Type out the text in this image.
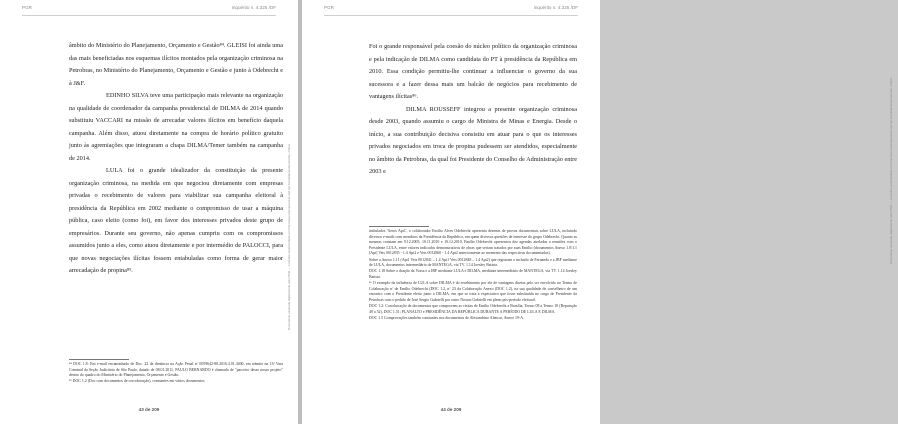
PGR	Inquérito n. 4.325 /DF

âmbito do Ministério do Planejamento, Orçamento e Gestão⁸⁴. GLEISI foi ainda uma das mais beneficiadas nos esquemas ilícitos montados pela organização criminosa na Petrobras, no Ministério do Planejamento, Orçamento e Gestão e junto à Odebrecht e à J&F.

EDINHO SILVA teve uma participação mais relevante na organização na qualidade de coordenador da campanha presidencial de DILMA de 2014 quando substituiu VACCARI na missão de arrecadar valores ilícitos em benefício daquela campanha. Além disso, atuou diretamente na compra de horário político gratuito junto às agremiações que integraram a chapa DILMA/Temer também na campanha de 2014.

LULA foi o grande idealizador da constituição da presente organização criminosa, na medida em que negociou diretamente com empresas privadas o recebimento de valores para viabilizar sua campanha eleitoral à presidência da República em 2002 mediante o compromisso de usar a máquina pública, caso eleito (como foi), em favor dos interesses privados deste grupo de empresários. Durante seu governo, não apenas cumpriu com os compromissos assumidos junto a eles, como atuou diretamente e por intermédio de PALOCCI, para que novas negociações ilícitas fossem entabuladas como forma de gerar maior arrecadação de propina⁸⁵.

⁸⁴ DOC 1.8: Em e-mail encaminhado de Doc. 22 da denúncia na Ação Penal nº 0059642-88.2016.4.01.3400, em trâmite na 13ª Vara Criminal da Seção Judiciária de São Paulo, datado de 08.01.2011, PAULO BERNARDO é chamado de "parceiro desse nosso projeto" dentro do quadro do Ministério do Planejamento, Orçamento e Gestão.

⁸⁵ DOC 1.2 (Doc com documentos de corroboração), constantes em vários documentos

43 de 209
Documento assinado digitalmente pelo PGR — consultar autenticidade em http://www.transparencia.mpf.mp.br/validacaodocumento. Chave
PGR	Inquérito n. 4.325 /DF

Foi o grande responsável pela coesão do núcleo político da organização criminosa e pela indicação de DILMA como candidata do PT à presidência da República em 2010. Essa condição permitiu-lhe continuar a influenciar o governo da sua sucessora e a fazer dessa mais um balcão de negócios para recebimento de vantagens ilícitas⁸⁶.

DILMA ROUSSEFF integrou a presente organização criminosa desde 2003, quando assumiu o cargo de Ministra de Minas e Energia. Desde o início, a sua contribuição decisiva consistiu em atuar para o que os interesses privados negociados em troca de propina pudessem ser atendidos, especialmente no âmbito da Petrobras, da qual foi Presidente do Conselho de Administração entre 2003 e

intitulados 'Aeros Apt1', o colaborador Emílio Alves Odebrecht apresenta dezenas de provas documentais sobre LULA, incluindo diversos e-mails com membros da Presidência da República, em quem diversos questões de interesse do grupo Odebrecht. Quanto as mesmas constam em 9.12.2005, 10.11.2010 e 10.12.2010, Emílio Odebrecht apresentou dez agendas atreladas a reuniões com o Presidente LULA, entre valores indicados demonstrativos de obras que seriam tratados por suas Emílio (documentos Anexo 1.0/1.1 [Apt] Vets 0012835 - 1.4 Apt2 e Vets 0012860 - 1.4 Apt2 anteriormente ao momento das respectivas documentadas).

Sobre a Anexo 1.11 (Apt1 Vets 0012841 – 1.4 Apt1 Vets 0012848 – 1.4 Apt2) que registram a inclusão de Fernando e a JBF mediante de LULA, documentos intermediário de MANTEGA, via TV. 1.14 Joesley Batista.

DOC 1.18 Sobre a doação da Vossa e a JBF mediante LULA e DILMA, mediante intermediário de MANTEGA, via TV. 1.14 Joesley Batista.

⁸⁶ O exemplo da influência de LULA sobre DILMA é do recebimento por ele de vantagens diretas pelo ser envolvido no Termo de Colaboração nº de Emílio Odebrecht (DOC 1.2, nº 23 da Colaboração Anexo (DOC 1.2), na sua qualidade de conselheiro de um encontro com o Presidente eleito junto a DILMA, em que se trata a expectativa que fosse substituída no cargo de Presidente da Petrobras com o pedido de José Sergio Gabrielli por outro Nossas Gabrielli em pleno pós-período eleitoral.

DOC 1.2: Corroboração de documentos que comprovam as visitas de Emílio Odebrecht a Brasília, Termo 08 a Termo 10 (Reputação 49 a 52), DOC 1.51; PLANALTO e PRESIDÊNCIA DA REPÚBLICA DURANTE A PERÍODO DE LULA E DILMA.

DOC 1.5 Comprovações também constantes nos documentos de Alexandrino Alencar, Anexo 19-A.

44 de 209
Documento assinado digitalmente pelo PGR — consultar autenticidade em http://www.transparencia.mpf.mp.br/validacaodocumento. Chave
